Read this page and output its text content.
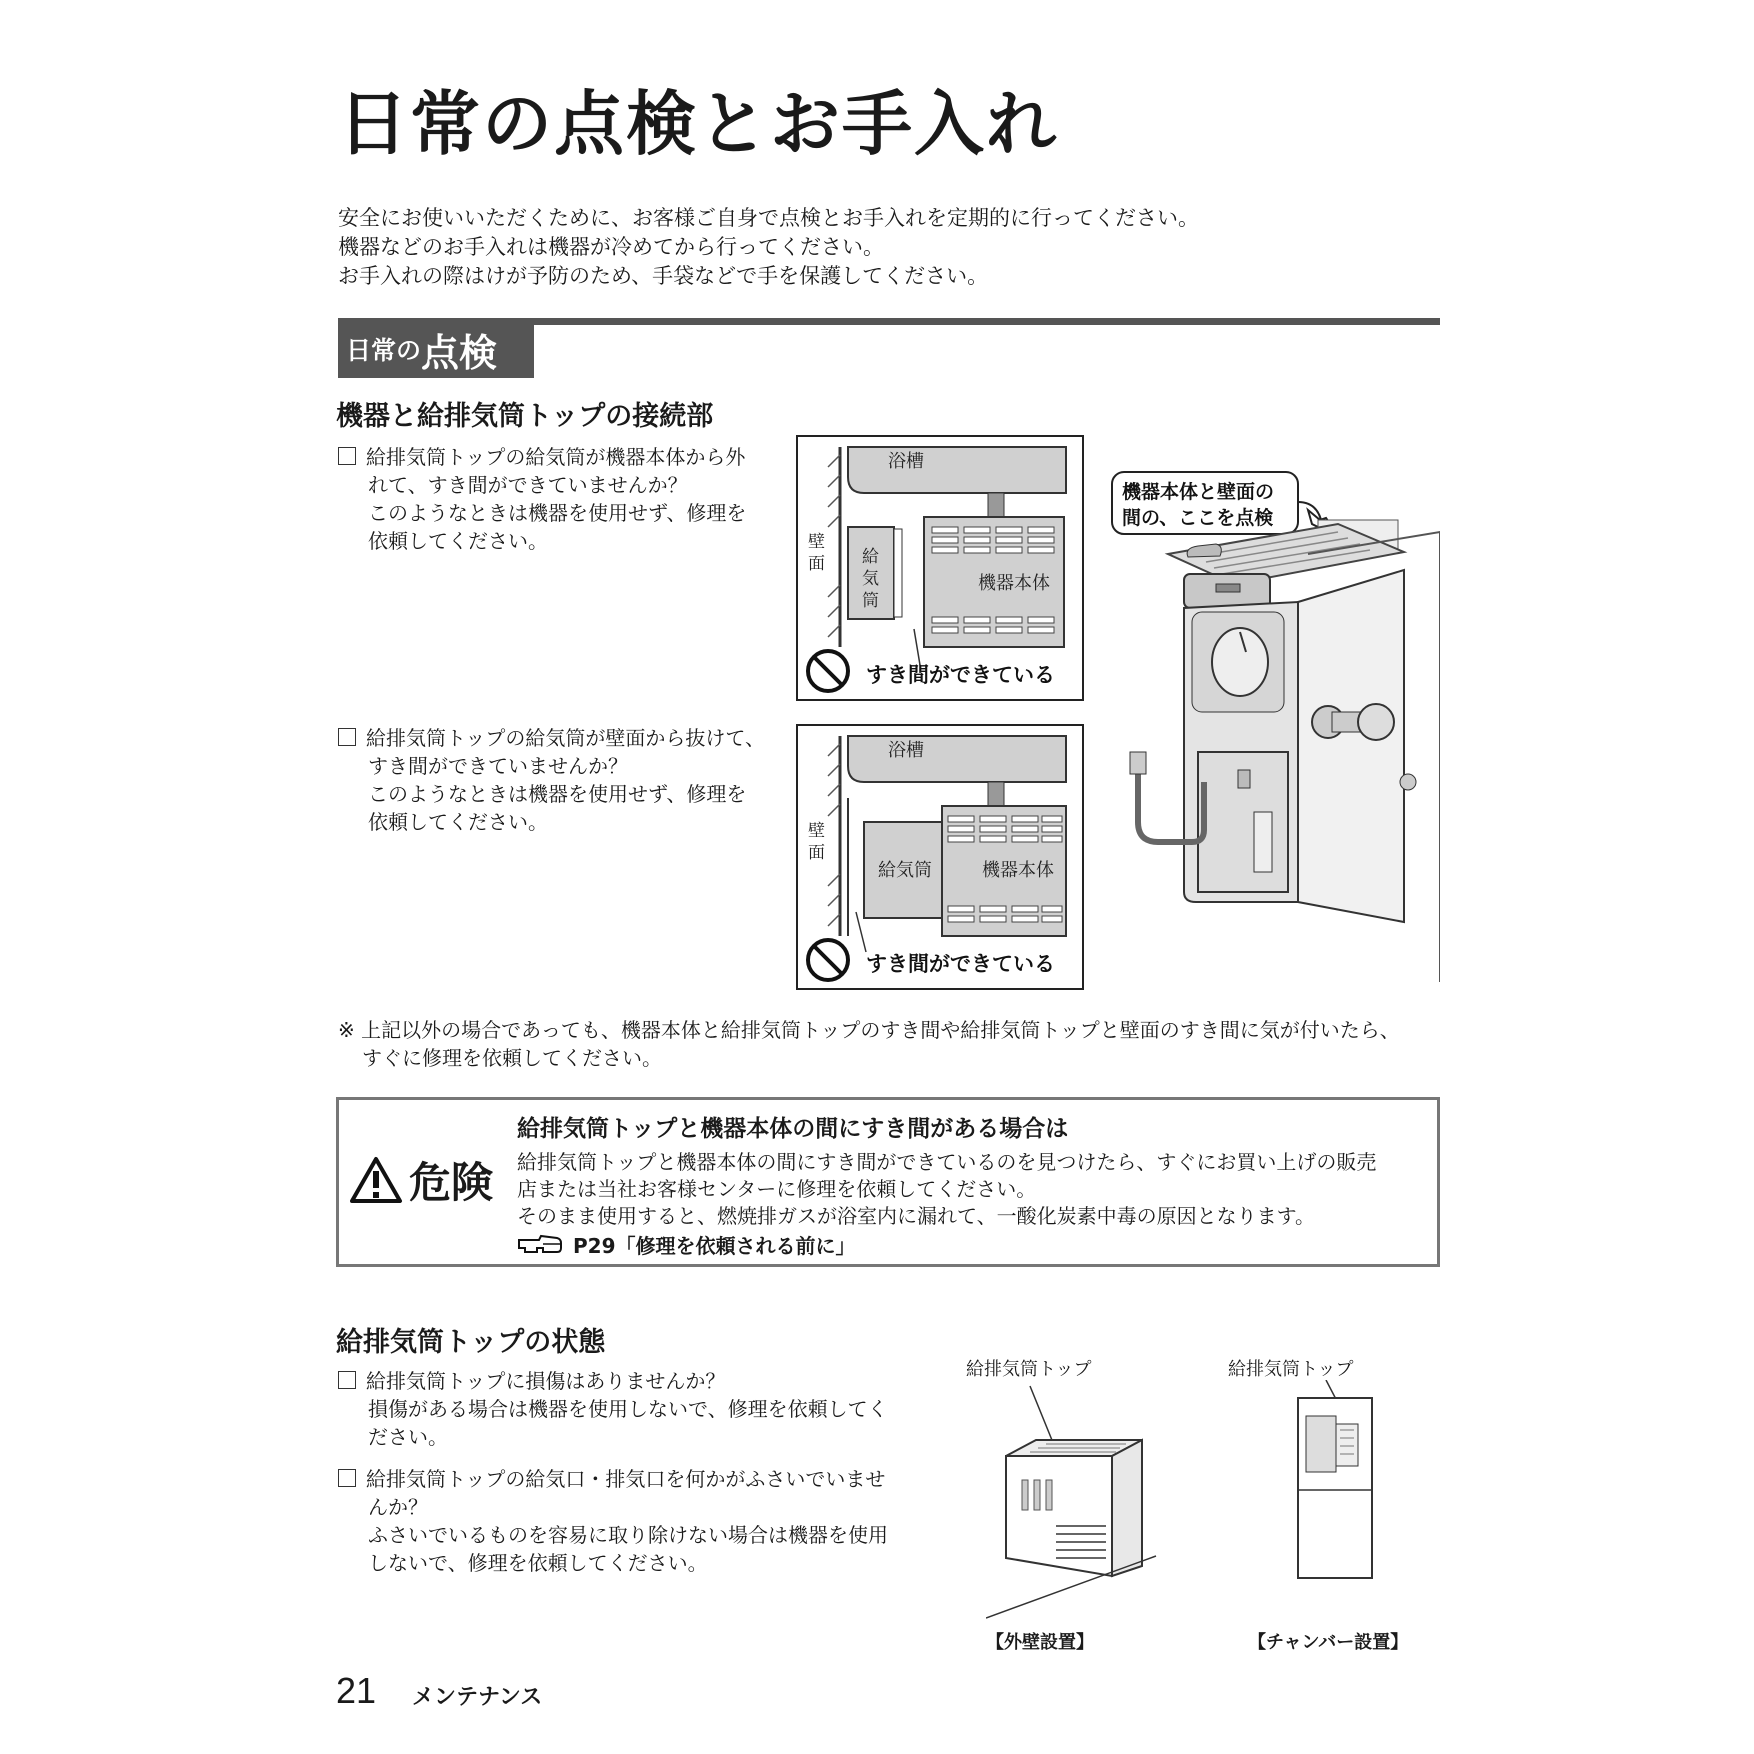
日常の点検とお手入れ
安全にお使いいただくために、お客様ご自身で点検とお手入れを定期的に行ってください。
機器などのお手入れは機器が冷めてから行ってください。
お手入れの際はけが予防のため、手袋などで手を保護してください。
日常の 点検
機器と給排気筒トップの接続部
給排気筒トップの給気筒が機器本体から外
れて、すき間ができていませんか？
このようなときは機器を使用せず、修理を
依頼してください。
給排気筒トップの給気筒が壁面から抜けて、
すき間ができていませんか？
このようなときは機器を使用せず、修理を
依頼してください。
浴槽
壁
面 給
気
筒
機器本体
すき間ができている
浴槽
壁
面
給気筒	機器本体
すき間ができている
機器本体と壁面の
間の、ここを点検
※ 上記以外の場合であっても、機器本体と給排気筒トップのすき間や給排気筒トップと壁面のすき間に気が付いたら、
すぐに修理を依頼してください。
危険
給排気筒トップと機器本体の間にすき間がある場合は
給排気筒トップと機器本体の間にすき間ができているのを見つけたら、すぐにお買い上げの販売
店または当社お客様センターに修理を依頼してください。
そのまま使用すると、燃焼排ガスが浴室内に漏れて、一酸化炭素中毒の原因となります。
P29「修理を依頼される前に」
給排気筒トップの状態
給排気筒トップに損傷はありませんか？
損傷がある場合は機器を使用しないで、修理を依頼してく
ださい。
給排気筒トップの給気口・排気口を何かがふさいでいませ
んか？
ふさいでいるものを容易に取り除けない場合は機器を使用
しないで、修理を依頼してください。
給排気筒トップ
【外壁設置】
給排気筒トップ
【チャンバー設置】
21 メンテナンス
